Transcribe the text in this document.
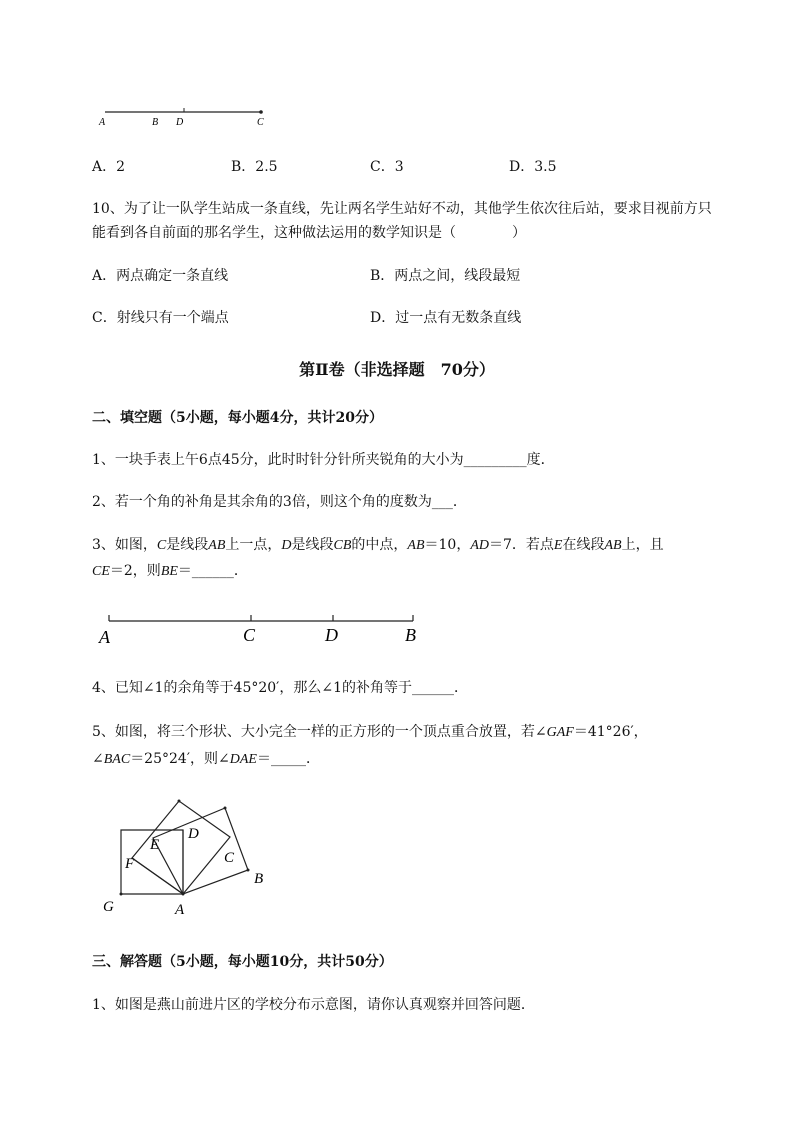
A	B D	C
A．2	B．2.5	C．3	D．3.5
10、为了让一队学生站成一条直线，先让两名学生站好不动，其他学生依次往后站，要求目视前方只
能看到各自前面的那名学生，这种做法运用的数学知识是（　　　　）
A．两点确定一条直线	B．两点之间，线段最短
C．射线只有一个端点	D．过一点有无数条直线
第Ⅱ卷（非选择题　70分）
二、填空题（5小题，每小题4分，共计20分）
1、一块手表上午6点45分，此时时针分针所夹锐角的大小为_________度．
2、若一个角的补角是其余角的3倍，则这个角的度数为___．
3、如图，C是线段AB上一点，D是线段CB的中点，AB＝10，AD＝7．若点E在线段AB上，且
CE＝2，则BE＝______．
A	C	D	B
4、已知∠1的余角等于45°20′，那么∠1的补角等于______．
5、如图，将三个形状、大小完全一样的正方形的一个顶点重合放置，若∠GAF＝41°26′，
∠BAC＝25°24′，则∠DAE＝_____．
D
E
C
F
B
G	A
三、解答题（5小题，每小题10分，共计50分）
1、如图是燕山前进片区的学校分布示意图，请你认真观察并回答问题．
